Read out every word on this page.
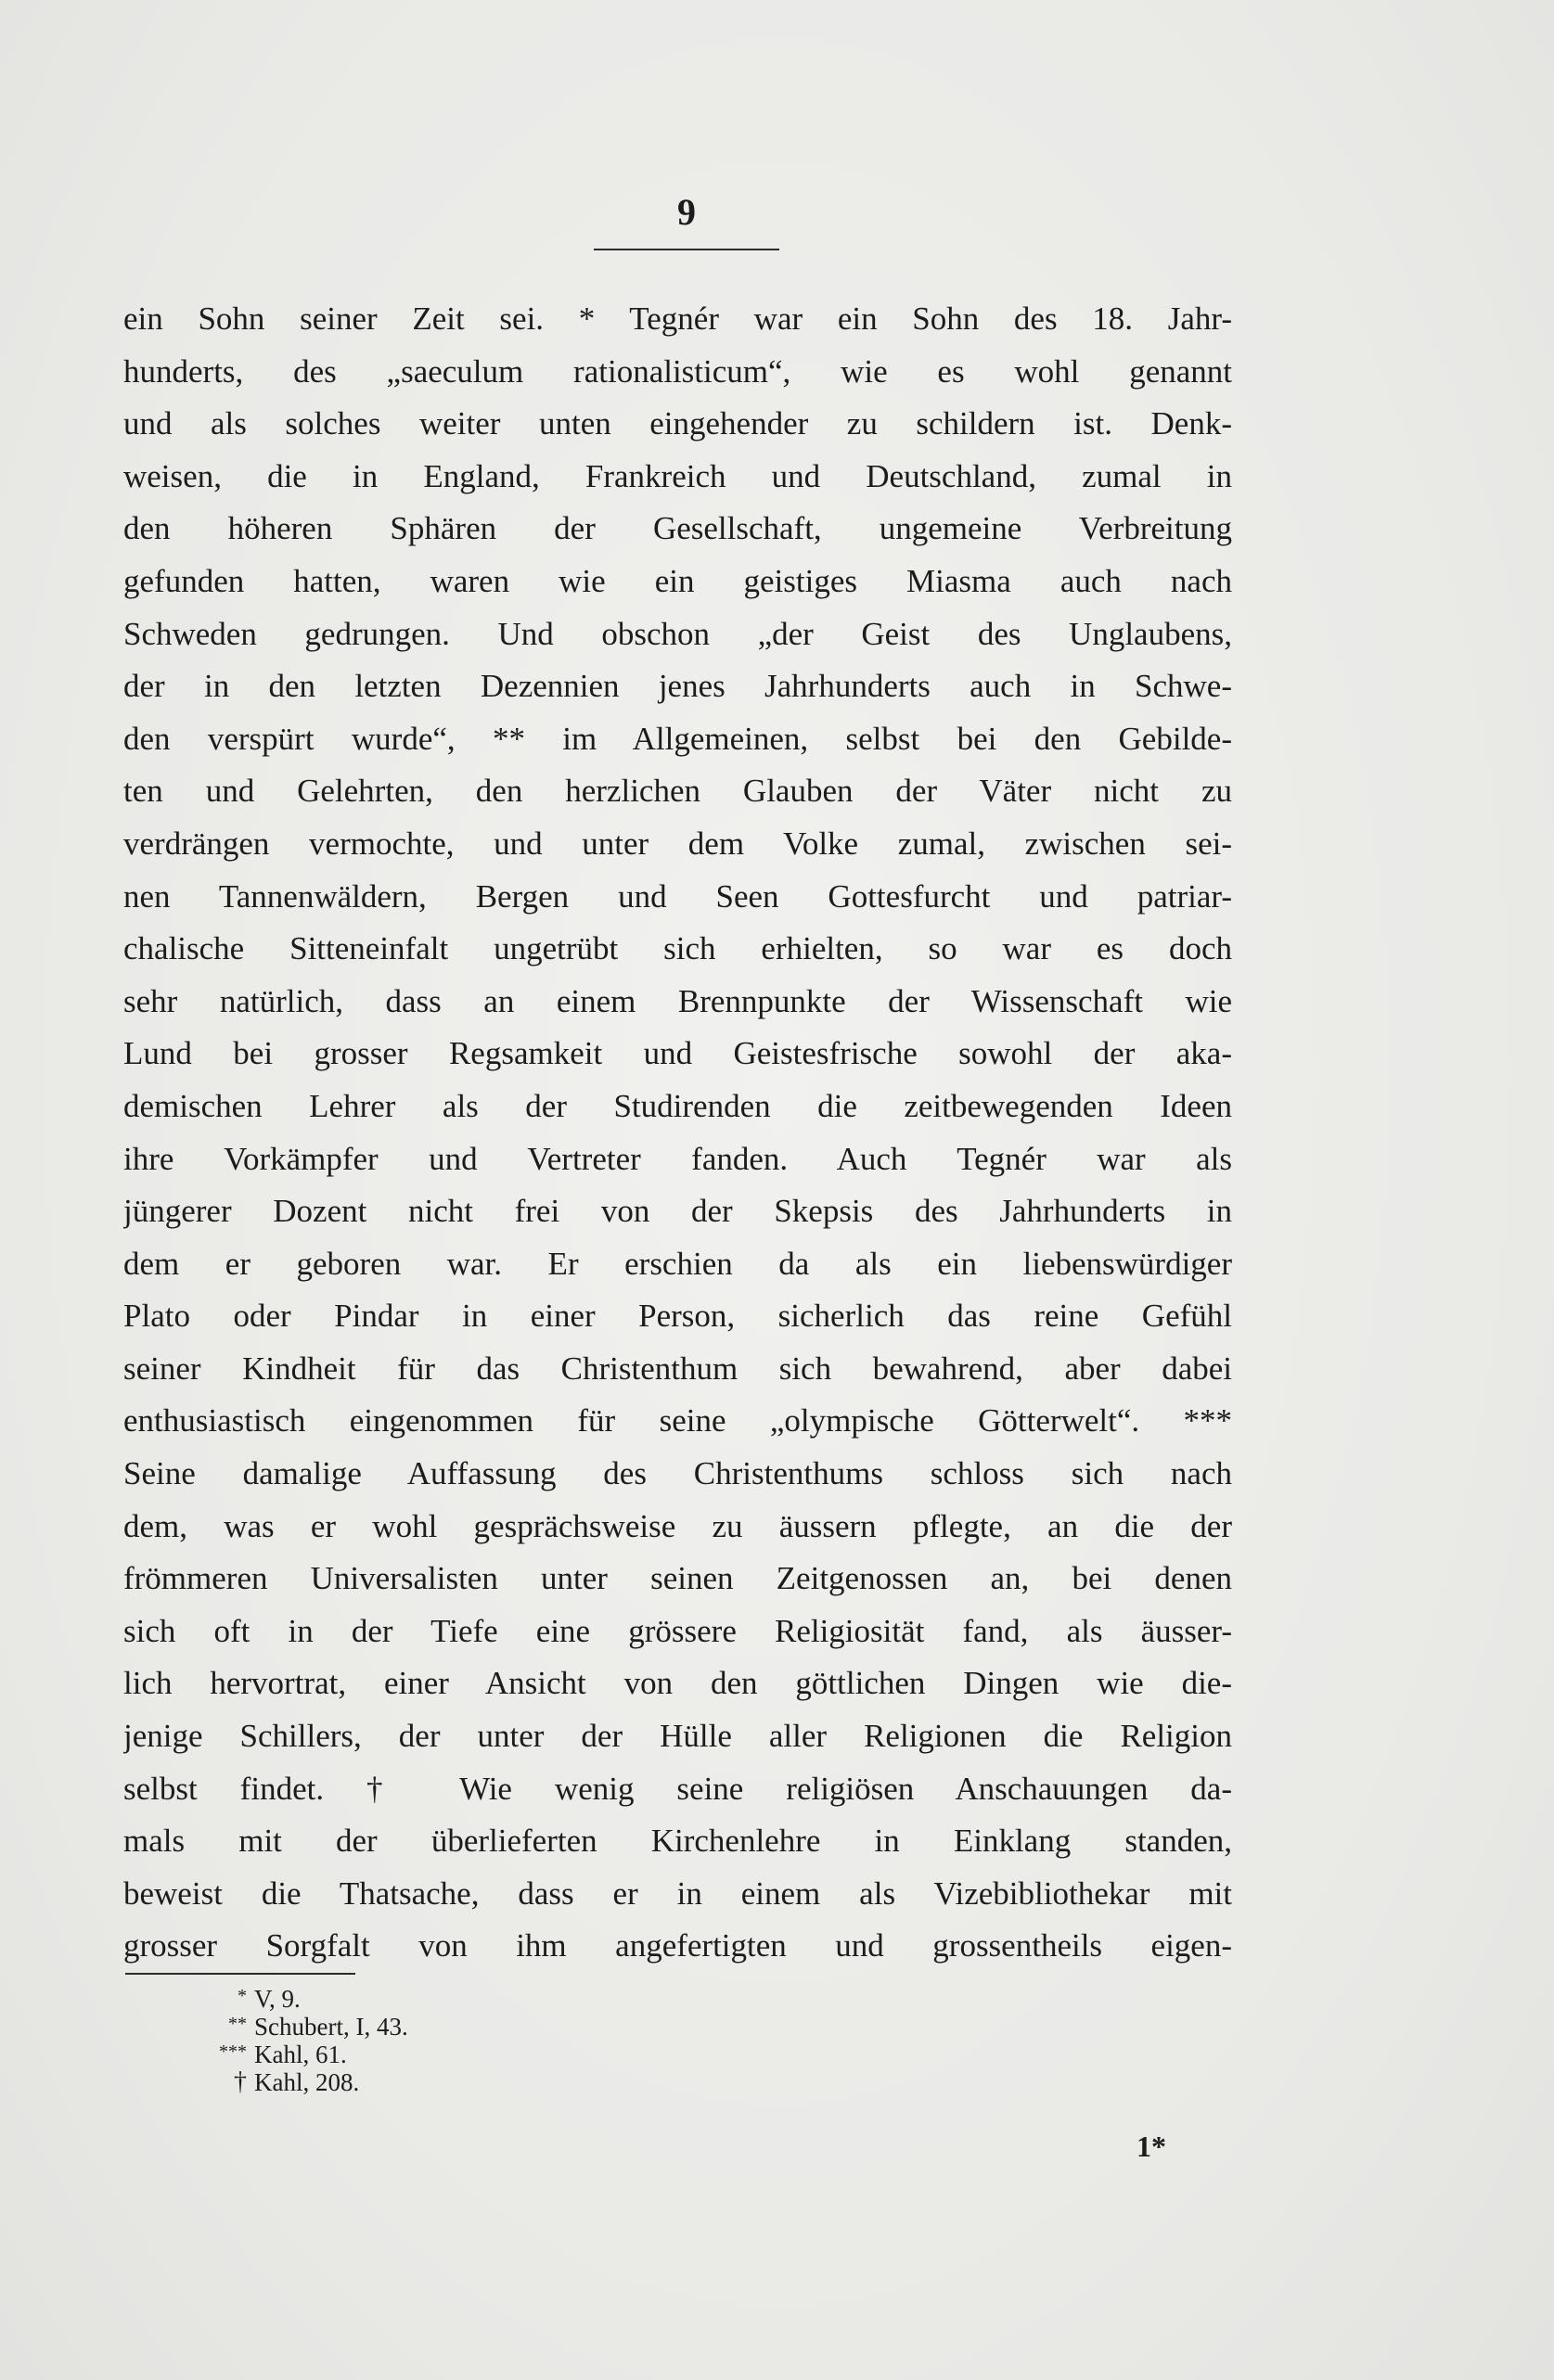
9
ein Sohn seiner Zeit sei. * Tegnér war ein Sohn des 18. Jahr-
hunderts, des „saeculum rationalisticum“, wie es wohl genannt
und als solches weiter unten eingehender zu schildern ist. Denk-
weisen, die in England, Frankreich und Deutschland, zumal in
den höheren Sphären der Gesellschaft, ungemeine Verbreitung
gefunden hatten, waren wie ein geistiges Miasma auch nach
Schweden gedrungen. Und obschon „der Geist des Unglaubens,
der in den letzten Dezennien jenes Jahrhunderts auch in Schwe-
den verspürt wurde“, ** im Allgemeinen, selbst bei den Gebilde-
ten und Gelehrten, den herzlichen Glauben der Väter nicht zu
verdrängen vermochte, und unter dem Volke zumal, zwischen sei-
nen Tannenwäldern, Bergen und Seen Gottesfurcht und patriar-
chalische Sitteneinfalt ungetrübt sich erhielten, so war es doch
sehr natürlich, dass an einem Brennpunkte der Wissenschaft wie
Lund bei grosser Regsamkeit und Geistesfrische sowohl der aka-
demischen Lehrer als der Studirenden die zeitbewegenden Ideen
ihre Vorkämpfer und Vertreter fanden. Auch Tegnér war als
jüngerer Dozent nicht frei von der Skepsis des Jahrhunderts in
dem er geboren war. Er erschien da als ein liebenswürdiger
Plato oder Pindar in einer Person, sicherlich das reine Gefühl
seiner Kindheit für das Christenthum sich bewahrend, aber dabei
enthusiastisch eingenommen für seine „olympische Götterwelt“. ***
Seine damalige Auffassung des Christenthums schloss sich nach
dem, was er wohl gesprächsweise zu äussern pflegte, an die der
frömmeren Universalisten unter seinen Zeitgenossen an, bei denen
sich oft in der Tiefe eine grössere Religiosität fand, als äusser-
lich hervortrat, einer Ansicht von den göttlichen Dingen wie die-
jenige Schillers, der unter der Hülle aller Religionen die Religion
selbst findet. † Wie wenig seine religiösen Anschauungen da-
mals mit der überlieferten Kirchenlehre in Einklang standen,
beweist die Thatsache, dass er in einem als Vizebibliothekar mit
grosser Sorgfalt von ihm angefertigten und grossentheils eigen-
* V, 9.
** Schubert, I, 43.
*** Kahl, 61.
† Kahl, 208.
1*
